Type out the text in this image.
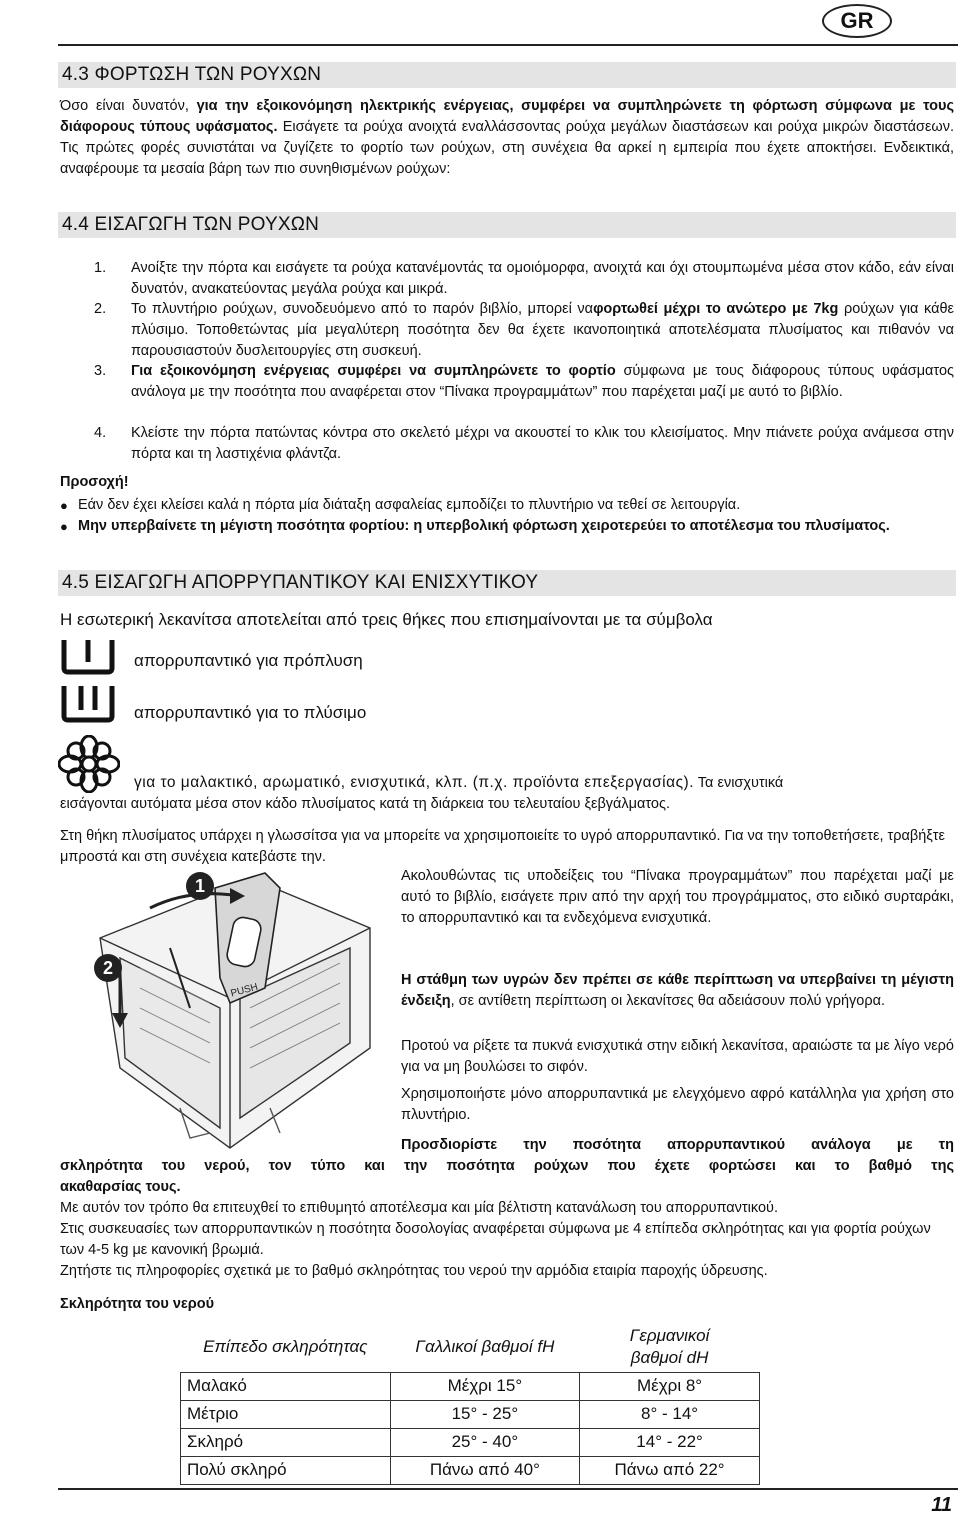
GR
4.3 ΦΟΡΤΩΣΗ ΤΩΝ ΡΟΥΧΩΝ
Όσο είναι δυνατόν, για την εξοικονόμηση ηλεκτρικής ενέργειας, συμφέρει να συμπληρώνετε τη φόρτωση σύμφωνα με τους διάφορους τύπους υφάσματος. Εισάγετε τα ρούχα ανοιχτά εναλλάσσοντας ρούχα μεγάλων διαστάσεων και ρούχα μικρών διαστάσεων. Τις πρώτες φορές συνιστάται να ζυγίζετε το φορτίο των ρούχων, στη συνέχεια θα αρκεί η εμπειρία που έχετε αποκτήσει. Ενδεικτικά, αναφέρουμε τα μεσαία βάρη των πιο συνηθισμένων ρούχων:
4.4 ΕΙΣΑΓΩΓΗ ΤΩΝ ΡΟΥΧΩΝ
1.	Ανοίξτε την πόρτα και εισάγετε τα ρούχα κατανέμοντάς τα ομοιόμορφα, ανοιχτά και όχι στουμπωμένα μέσα στον κάδο, εάν είναι δυνατόν, ανακατεύοντας μεγάλα ρούχα και μικρά.
2.	Το πλυντήριο ρούχων, συνοδευόμενο από το παρόν βιβλίο, μπορεί ναφορτωθεί μέχρι το ανώτερο με 7kg ρούχων για κάθε πλύσιμο. Τοποθετώντας μία μεγαλύτερη ποσότητα δεν θα έχετε ικανοποιητικά αποτελέσματα πλυσίματος και πιθανόν να παρουσιαστούν δυσλειτουργίες στη συσκευή.
3.	Για εξοικονόμηση ενέργειας συμφέρει να συμπληρώνετε το φορτίο σύμφωνα με τους διάφορους τύπους υφάσματος ανάλογα με την ποσότητα που αναφέρεται στον “Πίνακα προγραμμάτων” που παρέχεται μαζί με αυτό το βιβλίο.
4.	Κλείστε την πόρτα πατώντας κόντρα στο σκελετό μέχρι να ακουστεί το κλικ του κλεισίματος. Μην πιάνετε ρούχα ανάμεσα στην πόρτα και τη λαστιχένια φλάντζα.
Προσοχή!
● Εάν δεν έχει κλείσει καλά η πόρτα μία διάταξη ασφαλείας εμποδίζει το πλυντήριο να τεθεί σε λειτουργία.
● Μην υπερβαίνετε τη μέγιστη ποσότητα φορτίου: η υπερβολική φόρτωση χειροτερεύει το αποτέλεσμα του πλυσίματος.
4.5 ΕΙΣΑΓΩΓΗ ΑΠΟΡΡΥΠΑΝΤΙΚΟΥ ΚΑΙ ΕΝΙΣΧΥΤΙΚΟΥ
Η εσωτερική λεκανίτσα αποτελείται από τρεις θήκες που επισημαίνονται με τα σύμβολα
απορρυπαντικό για πρόπλυση
απορρυπαντικό για το πλύσιμο
για το μαλακτικό, αρωματικό, ενισχυτικά, κλπ. (π.χ. προϊόντα επεξεργασίας). Τα ενισχυτικά
εισάγονται αυτόματα μέσα στον κάδο πλυσίματος κατά τη διάρκεια του τελευταίου ξεβγάλματος.
Στη θήκη πλυσίματος υπάρχει η γλωσσίτσα για να μπορείτε να χρησιμοποιείτε το υγρό απορρυπαντικό. Για να την τοποθετήσετε, τραβήξτε μπροστά και στη συνέχεια κατεβάστε την.
1
2
PUSH
Ακολουθώντας τις υποδείξεις του “Πίνακα προγραμμάτων” που παρέχεται μαζί με αυτό το βιβλίο, εισάγετε πριν από την αρχή του προγράμματος, στο ειδικό συρταράκι, το απορρυπαντικό και τα ενδεχόμενα ενισχυτικά.
Η στάθμη των υγρών δεν πρέπει σε κάθε περίπτωση να υπερβαίνει τη μέγιστη ένδειξη, σε αντίθετη περίπτωση οι λεκανίτσες θα αδειάσουν πολύ γρήγορα.
Προτού να ρίξετε τα πυκνά ενισχυτικά στην ειδική λεκανίτσα, αραιώστε τα με λίγο νερό για να μη βουλώσει το σιφόν.
Χρησιμοποιήστε μόνο απορρυπαντικά με ελεγχόμενο αφρό κατάλληλα για χρήση στο πλυντήριο.
Προσδιορίστε την ποσότητα απορρυπαντικού ανάλογα με τη
σκληρότητα του νερού, τον τύπο και την ποσότητα ρούχων που έχετε φορτώσει και το βαθμό της
ακαθαρσίας τους.
Με αυτόν τον τρόπο θα επιτευχθεί το επιθυμητό αποτέλεσμα και μία βέλτιστη κατανάλωση του απορρυπαντικού.
Στις συσκευασίες των απορρυπαντικών η ποσότητα δοσολογίας αναφέρεται σύμφωνα με 4 επίπεδα σκληρότητας και για φορτία ρούχων των 4-5 kg με κανονική βρωμιά.
Ζητήστε τις πληροφορίες σχετικά με το βαθμό σκληρότητας του νερού την αρμόδια εταιρία παροχής ύδρευσης.
Σκληρότητα του νερού
Επίπεδο σκληρότητας	Γαλλικοί βαθμοί fH	Γερμανικοί βαθμοί dH
Μαλακό	Μέχρι 15°	Μέχρι 8°
Μέτριο	15° - 25°	8° - 14°
Σκληρό	25° - 40°	14° - 22°
Πολύ σκληρό	Πάνω από 40°	Πάνω από 22°
11
